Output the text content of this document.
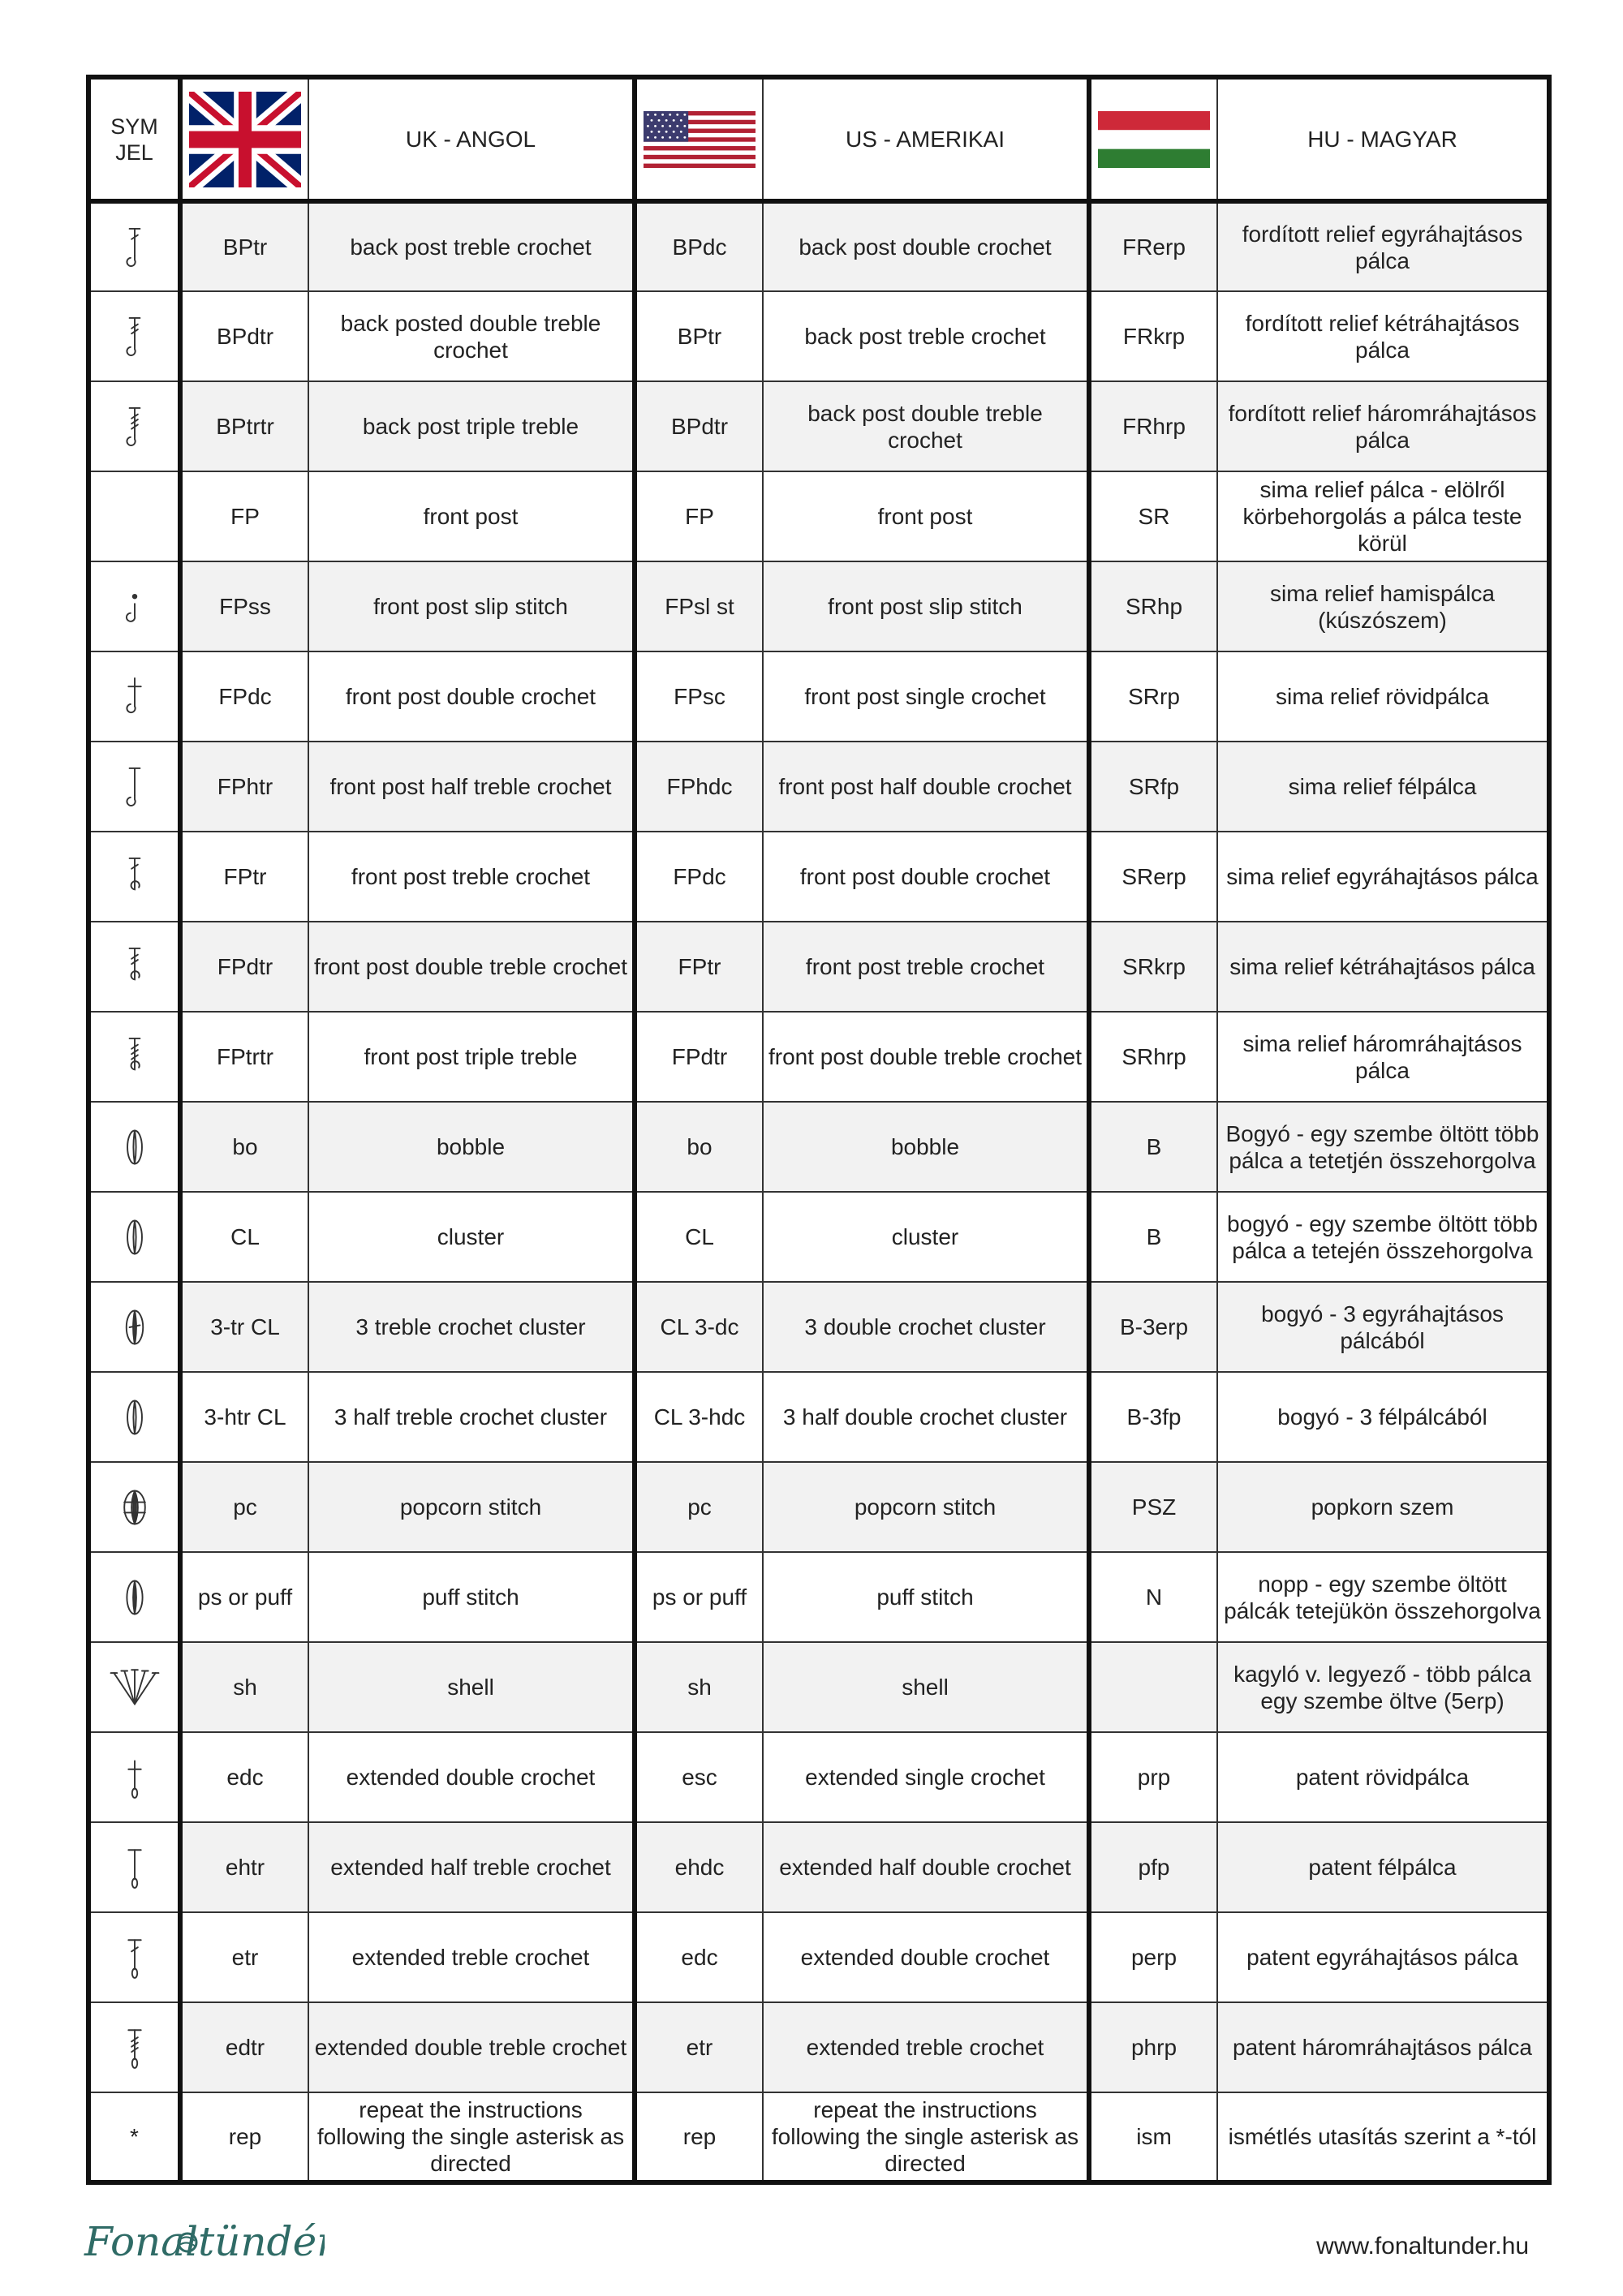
SYM
JEL		UK - ANGOL		US - AMERIKAI		HU - MAGYAR

	BPtr	back post treble crochet	BPdc	back post double crochet	FRerp	fordított relief egyráhajtásos pálca

	BPdtr	back posted double treble crochet	BPtr	back post treble crochet	FRkrp	fordított relief kétráhajtásos pálca

	BPtrtr	back post triple treble	BPdtr	back post double treble crochet	FRhrp	fordított relief háromráhajtásos pálca
	FP	front post	FP	front post	SR	sima relief pálca - elölről körbehorgolás a pálca teste körül

	FPss	front post slip stitch	FPsl st	front post slip stitch	SRhp	sima relief hamispálca (kúszószem)

	FPdc	front post double crochet	FPsc	front post single crochet	SRrp	sima relief rövidpálca

	FPhtr	front post half treble crochet	FPhdc	front post half double crochet	SRfp	sima relief félpálca

	FPtr	front post treble crochet	FPdc	front post double crochet	SRerp	sima relief egyráhajtásos pálca

	FPdtr	front post double treble crochet	FPtr	front post treble crochet	SRkrp	sima relief kétráhajtásos pálca

	FPtrtr	front post triple treble	FPdtr	front post double treble crochet	SRhrp	sima relief háromráhajtásos pálca

	bo	bobble	bo	bobble	B	Bogyó - egy szembe öltött több pálca a tetetjén összehorgolva

	CL	cluster	CL	cluster	B	bogyó - egy szembe öltött több pálca a tetején összehorgolva

	3-tr CL	3 treble crochet cluster	CL 3-dc	3 double crochet cluster	B-3erp	bogyó - 3 egyráhajtásos pálcából

	3-htr CL	3 half treble crochet cluster	CL 3-hdc	3 half double crochet cluster	B-3fp	bogyó - 3 félpálcából

	pc	popcorn stitch	pc	popcorn stitch	PSZ	popkorn szem

	ps or puff	puff stitch	ps or puff	puff stitch	N	nopp - egy szembe öltött pálcák tetejükön összehorgolva

	sh	shell	sh	shell		kagyló v. legyező - több pálca egy szembe öltve (5erp)

	edc	extended double crochet	esc	extended single crochet	prp	patent rövidpálca

	ehtr	extended half treble crochet	ehdc	extended half double crochet	pfp	patent félpálca

	etr	extended treble crochet	edc	extended double crochet	perp	patent egyráhajtásos pálca

	edtr	extended double treble crochet	etr	extended treble crochet	phrp	patent háromráhajtásos pálca
*	rep	repeat the instructions following the single asterisk as directed	rep	repeat the instructions following the single asterisk as directed	ism	ismétlés utasítás szerint a *-tól
Fonaltündér	www.fonaltunder.hu
